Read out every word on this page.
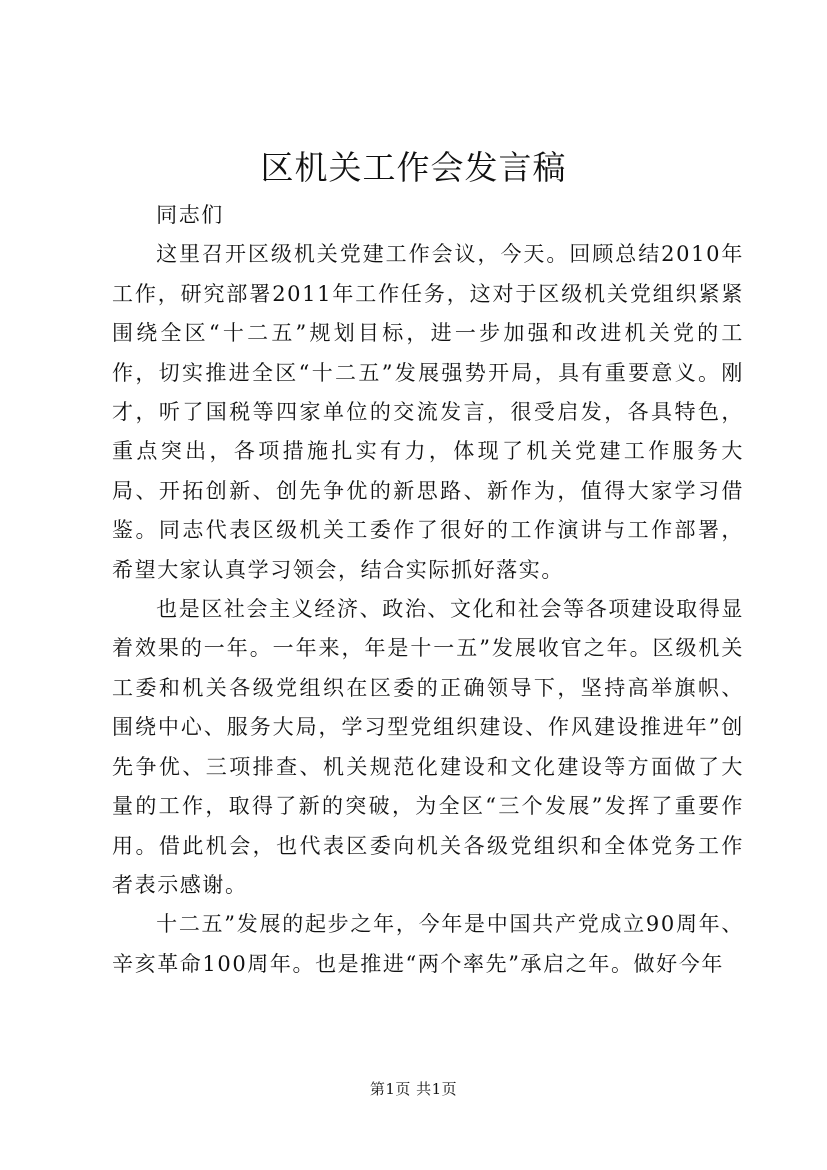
区机关工作会发言稿

同志们

这里召开区级机关党建工作会议，今天。回顾总结2010年工作，研究部署2011年工作任务，这对于区级机关党组织紧紧围绕全区“十二五”规划目标，进一步加强和改进机关党的工作，切实推进全区“十二五”发展强势开局，具有重要意义。刚才，听了国税等四家单位的交流发言，很受启发，各具特色，重点突出，各项措施扎实有力，体现了机关党建工作服务大局、开拓创新、创先争优的新思路、新作为，值得大家学习借鉴。同志代表区级机关工委作了很好的工作演讲与工作部署，希望大家认真学习领会，结合实际抓好落实。

也是区社会主义经济、政治、文化和社会等各项建设取得显着效果的一年。一年来，年是十一五”发展收官之年。区级机关工委和机关各级党组织在区委的正确领导下，坚持高举旗帜、围绕中心、服务大局，学习型党组织建设、作风建设推进年”创先争优、三项排查、机关规范化建设和文化建设等方面做了大量的工作，取得了新的突破，为全区“三个发展”发挥了重要作用。借此机会，也代表区委向机关各级党组织和全体党务工作者表示感谢。

十二五”发展的起步之年，今年是中国共产党成立90周年、辛亥革命100周年。也是推进“两个率先”承启之年。做好今年

第1页 共1页
